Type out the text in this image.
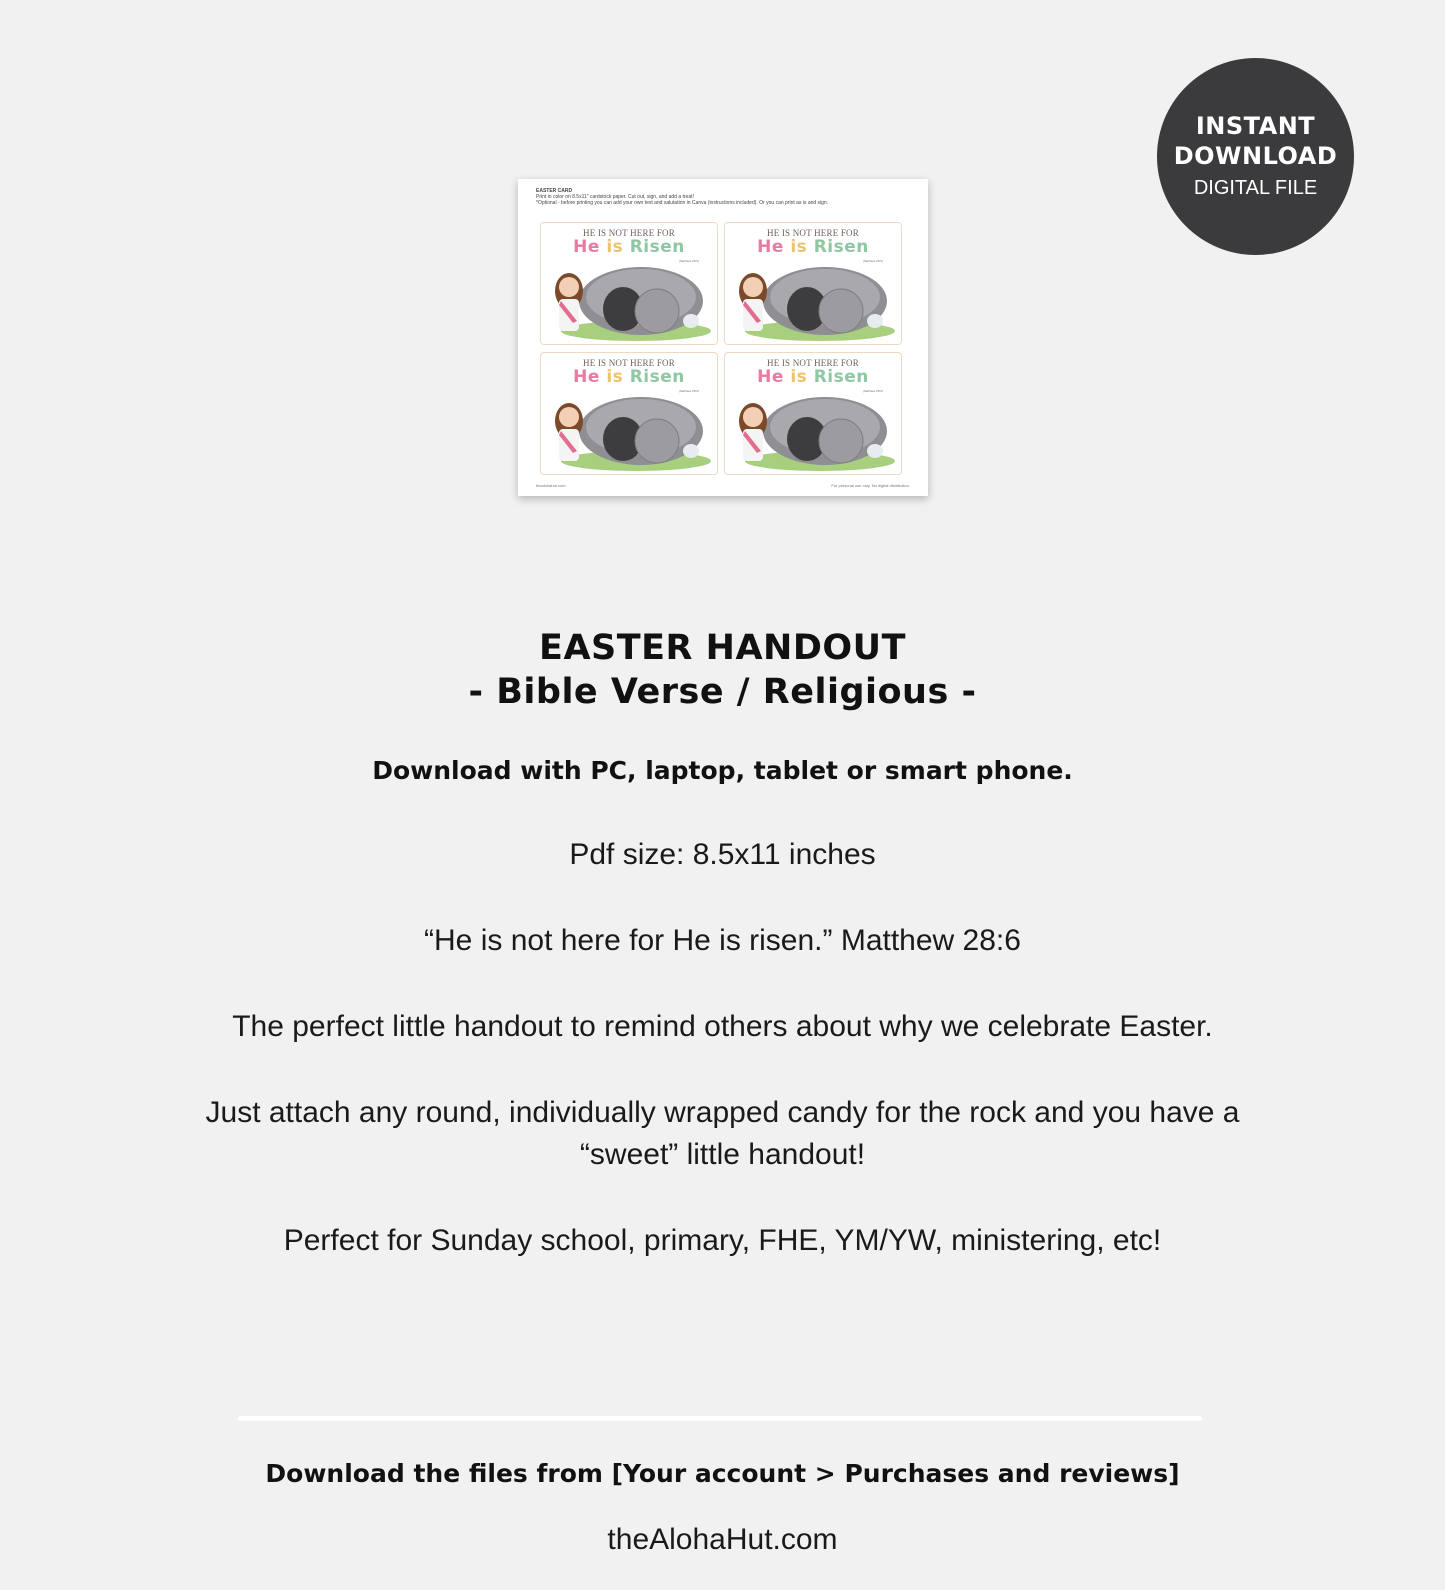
INSTANT
DOWNLOAD
DIGITAL FILE
EASTER CARD
Print in color on 8.5x11" cardstock paper. Cut out, sign, and add a treat!
*Optional - before printing you can add your own text and salutation in Canva (instructions included). Or you can print as is and sign.
HE IS NOT HERE FOR
He is Risen
(Matthew 28:6)
HE IS NOT HERE FOR
He is Risen
(Matthew 28:6)
HE IS NOT HERE FOR
He is Risen
(Matthew 28:6)
HE IS NOT HERE FOR
He is Risen
(Matthew 28:6)
thealohahut.com	For personal use only. No digital distribution.
EASTER HANDOUT
- Bible Verse / Religious -
Download with PC, laptop, tablet or smart phone.
Pdf size: 8.5x11 inches
“He is not here for He is risen.” Matthew 28:6
The perfect little handout to remind others about why we celebrate Easter.
Just attach any round, individually wrapped candy for the rock and you have a
“sweet” little handout!
Perfect for Sunday school, primary, FHE, YM/YW, ministering, etc!
Download the files from [Your account > Purchases and reviews]
theAlohaHut.com
